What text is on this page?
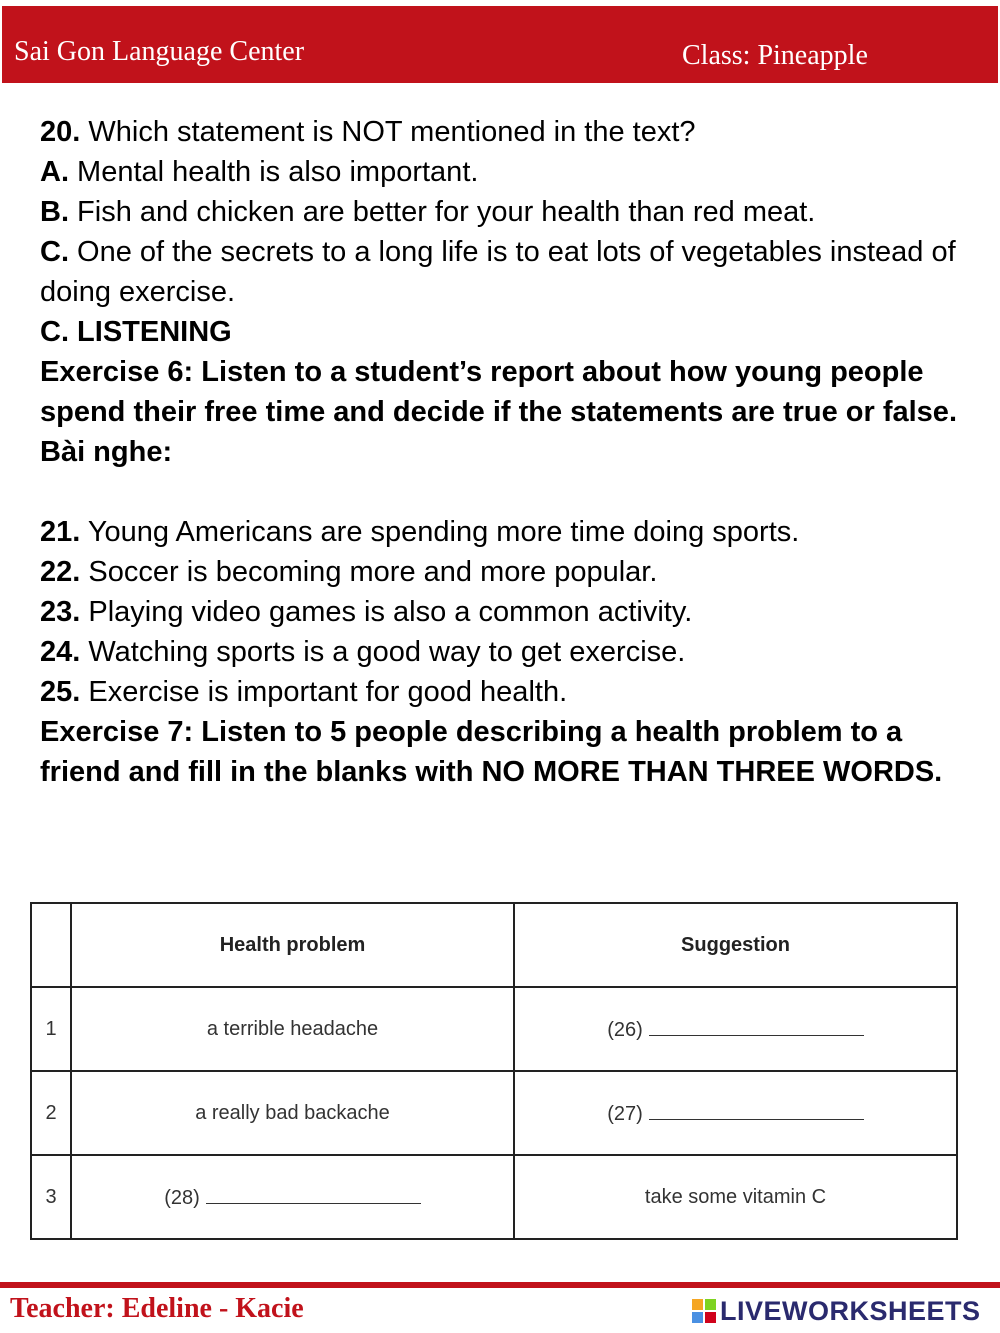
Sai Gon Language Center	Class: Pineapple
20. Which statement is NOT mentioned in the text?
A. Mental health is also important.
B. Fish and chicken are better for your health than red meat.
C. One of the secrets to a long life is to eat lots of vegetables instead of doing exercise.
C. LISTENING
Exercise 6: Listen to a student’s report about how young people spend their free time and decide if the statements are true or false.
Bài nghe:
21. Young Americans are spending more time doing sports.
22. Soccer is becoming more and more popular.
23. Playing video games is also a common activity.
24. Watching sports is a good way to get exercise.
25. Exercise is important for good health.
Exercise 7: Listen to 5 people describing a health problem to a friend and fill in the blanks with NO MORE THAN THREE WORDS.
	Health problem	Suggestion
1	a terrible headache	(26)
2	a really bad backache	(27)
3	(28)	take some vitamin C
Teacher: Edeline - Kacie	LIVEWORKSHEETS
